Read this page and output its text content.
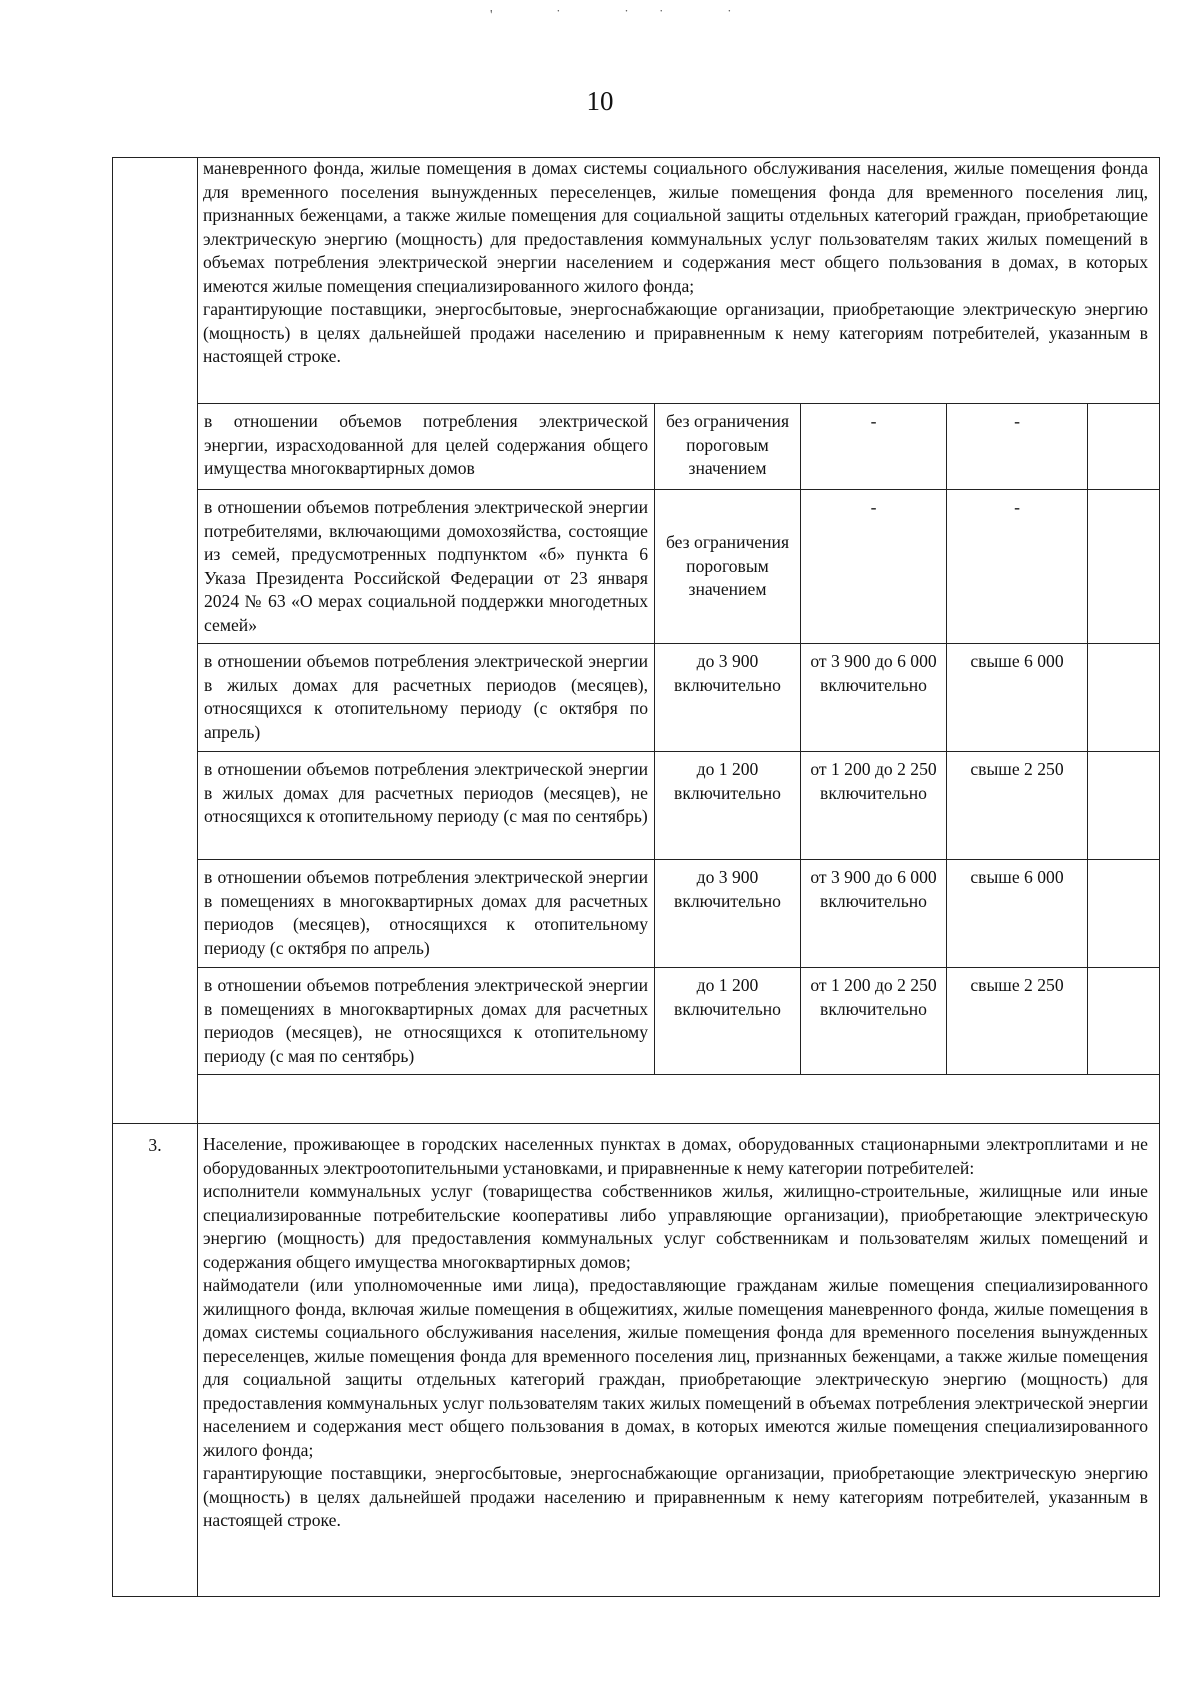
' ˙ ˙˙ ˙
10

маневренного фонда, жилые помещения в домах системы социального обслуживания населения, жилые помещения фонда для временного поселения вынужденных переселенцев, жилые помещения фонда для временного поселения лиц, признанных беженцами, а также жилые помещения для социальной защиты отдельных категорий граждан, приобретающие электрическую энергию (мощность) для предоставления коммунальных услуг пользователям таких жилых помещений в объемах потребления электрической энергии населением и содержания мест общего пользования в домах, в которых имеются жилые помещения специализированного жилого фонда;

гарантирующие поставщики, энергосбытовые, энергоснабжающие организации, приобретающие электрическую энергию (мощность) в целях дальнейшей продажи населению и приравненным к нему категориям потребителей, указанным в настоящей строке.

в отношении объемов потребления электрической энергии, израсходованной для целей содержания общего имущества многоквартирных домов	без ограничения пороговым значением	-	-	
в отношении объемов потребления электрической энергии потребителями, включающими домохозяйства, состоящие из семей, предусмотренных подпунктом «б» пункта 6 Указа Президента Российской Федерации от 23 января 2024 № 63 «О мерах социальной поддержки многодетных семей»	без ограничения пороговым значением	-	-	
в отношении объемов потребления электрической энергии в жилых домах для расчетных периодов (месяцев), относящихся к отопительному периоду (с октября по апрель)	до 3 900 включительно	от 3 900 до 6 000 включительно	свыше 6 000	
в отношении объемов потребления электрической энергии в жилых домах для расчетных периодов (месяцев), не относящихся к отопительному периоду (с мая по сентябрь)	до 1 200 включительно	от 1 200 до 2 250 включительно	свыше 2 250	
в отношении объемов потребления электрической энергии в помещениях в многоквартирных домах для расчетных периодов (месяцев), относящихся к отопительному периоду (с октября по апрель)	до 3 900 включительно	от 3 900 до 6 000 включительно	свыше 6 000	
в отношении объемов потребления электрической энергии в помещениях в многоквартирных домах для расчетных периодов (месяцев), не относящихся к отопительному периоду (с мая по сентябрь)	до 1 200 включительно	от 1 200 до 2 250 включительно	свыше 2 250	
3.	Население, проживающее в городских населенных пунктах в домах, оборудованных стационарными электроплитами и не оборудованных электроотопительными установками, и приравненные к нему категории потребителей:

исполнители коммунальных услуг (товарищества собственников жилья, жилищно-строительные, жилищные или иные специализированные потребительские кооперативы либо управляющие организации), приобретающие электрическую энергию (мощность) для предоставления коммунальных услуг собственникам и пользователям жилых помещений и содержания общего имущества многоквартирных домов;

наймодатели (или уполномоченные ими лица), предоставляющие гражданам жилые помещения специализированного жилищного фонда, включая жилые помещения в общежитиях, жилые помещения маневренного фонда, жилые помещения в домах системы социального обслуживания населения, жилые помещения фонда для временного поселения вынужденных переселенцев, жилые помещения фонда для временного поселения лиц, признанных беженцами, а также жилые помещения для социальной защиты отдельных категорий граждан, приобретающие электрическую энергию (мощность) для предоставления коммунальных услуг пользователям таких жилых помещений в объемах потребления электрической энергии населением и содержания мест общего пользования в домах, в которых имеются жилые помещения специализированного жилого фонда;

гарантирующие поставщики, энергосбытовые, энергоснабжающие организации, приобретающие электрическую энергию (мощность) в целях дальнейшей продажи населению и приравненным к нему категориям потребителей, указанным в настоящей строке.
